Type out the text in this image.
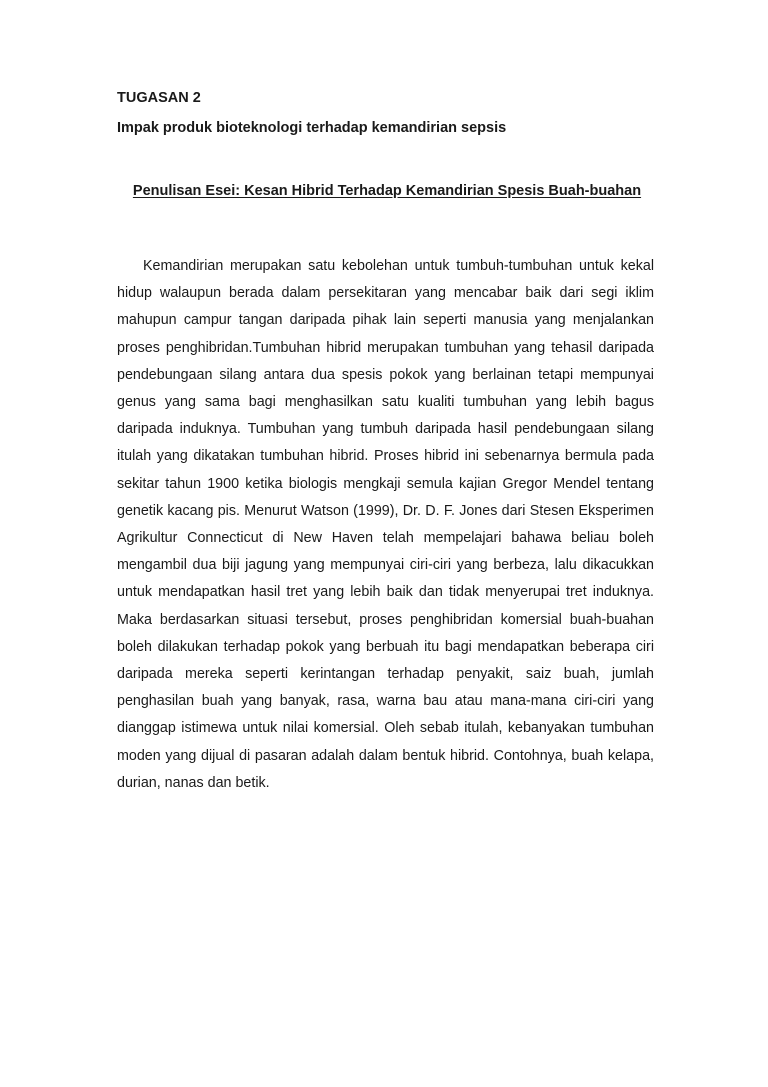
TUGASAN 2

Impak produk bioteknologi terhadap kemandirian sepsis

Penulisan Esei: Kesan Hibrid Terhadap Kemandirian Spesis Buah-buahan

Kemandirian merupakan satu kebolehan untuk tumbuh-tumbuhan untuk kekal hidup walaupun berada dalam persekitaran yang mencabar baik dari segi iklim mahupun campur tangan daripada pihak lain seperti manusia yang menjalankan proses penghibridan.Tumbuhan hibrid merupakan tumbuhan yang tehasil daripada pendebungaan silang antara dua spesis pokok yang berlainan tetapi mempunyai genus yang sama bagi menghasilkan satu kualiti tumbuhan yang lebih bagus daripada induknya. Tumbuhan yang tumbuh daripada hasil pendebungaan silang itulah yang dikatakan tumbuhan hibrid. Proses hibrid ini sebenarnya bermula pada sekitar tahun 1900 ketika biologis mengkaji semula kajian Gregor Mendel tentang genetik kacang pis. Menurut Watson (1999), Dr. D. F. Jones dari Stesen Eksperimen Agrikultur Connecticut di New Haven telah mempelajari bahawa beliau boleh mengambil dua biji jagung yang mempunyai ciri-ciri yang berbeza, lalu dikacukkan untuk mendapatkan hasil tret yang lebih baik dan tidak menyerupai tret induknya. Maka berdasarkan situasi tersebut, proses penghibridan komersial buah-buahan boleh dilakukan terhadap pokok yang berbuah itu bagi mendapatkan beberapa ciri daripada mereka seperti kerintangan terhadap penyakit, saiz buah, jumlah penghasilan buah yang banyak, rasa, warna bau atau mana-mana ciri-ciri yang dianggap istimewa untuk nilai komersial. Oleh sebab itulah, kebanyakan tumbuhan moden yang dijual di pasaran adalah dalam bentuk hibrid. Contohnya, buah kelapa, durian, nanas dan betik.
